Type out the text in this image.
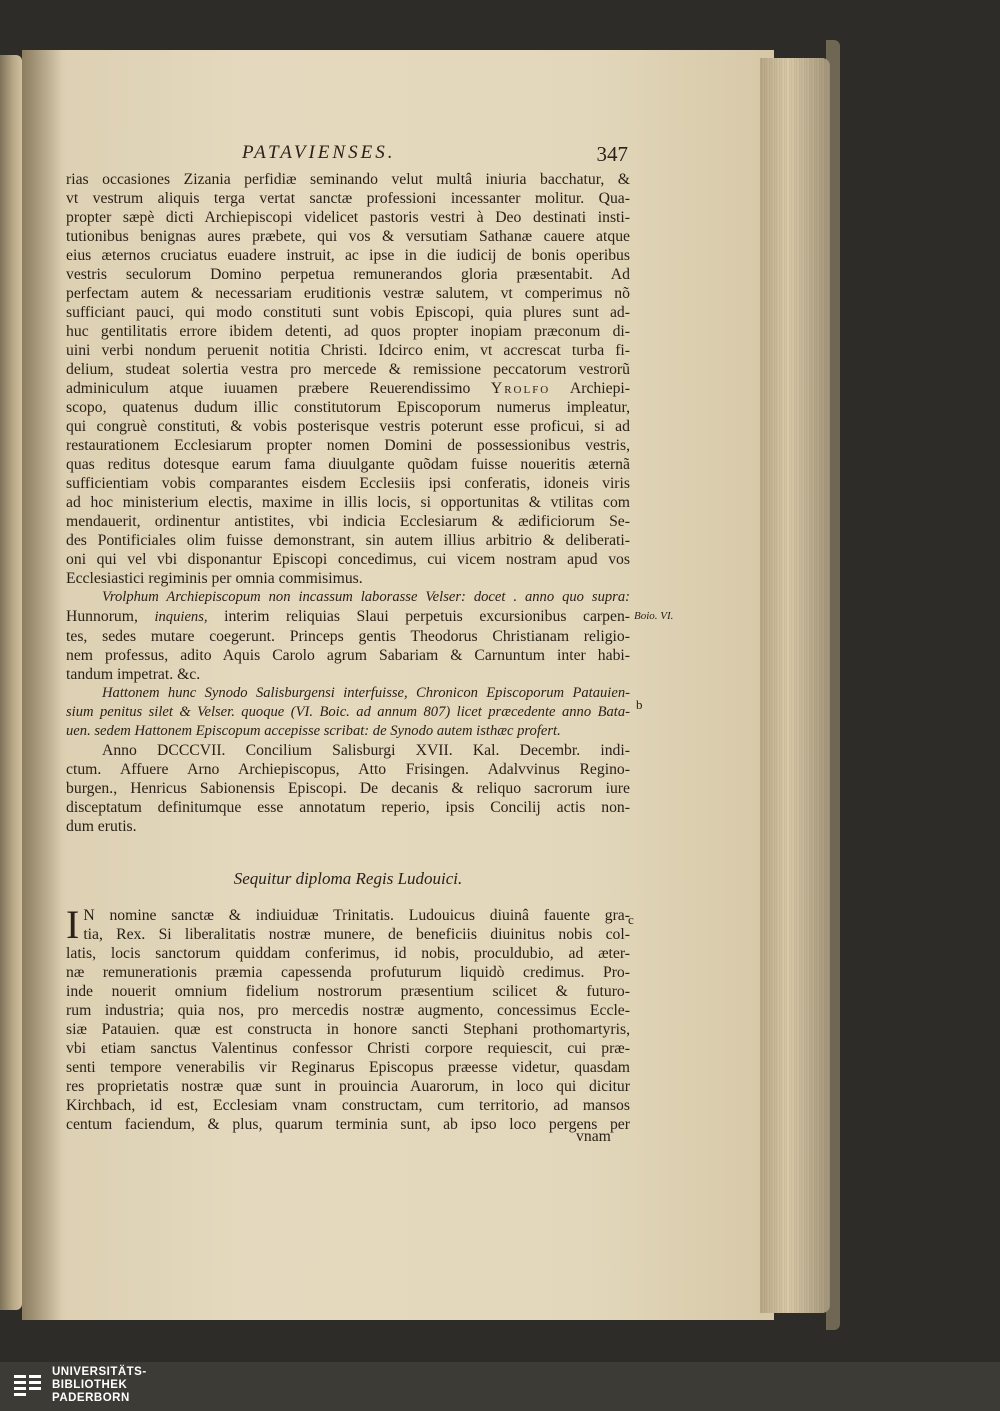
PATAVIENSES.	347

rias occasiones Zizania perfidiæ seminando velut multâ iniuria bacchatur, &

vt vestrum aliquis terga vertat sanctæ professioni incessanter molitur. Qua-

propter sæpè dicti Archiepiscopi videlicet pastoris vestri à Deo destinati insti-

tutionibus benignas aures præbete, qui vos & versutiam Sathanæ cauere atque

eius æternos cruciatus euadere instruit, ac ipse in die iudicij de bonis operibus

vestris seculorum Domino perpetua remunerandos gloria præsentabit. Ad

perfectam autem & necessariam eruditionis vestræ salutem, vt comperimus nõ

sufficiant pauci, qui modo constituti sunt vobis Episcopi, quia plures sunt ad-

huc gentilitatis errore ibidem detenti, ad quos propter inopiam præconum di-

uini verbi nondum peruenit notitia Christi. Idcirco enim, vt accrescat turba fi-

delium, studeat solertia vestra pro mercede & remissione peccatorum vestrorũ

adminiculum atque iuuamen præbere Reuerendissimo Yrolfo Archiepi-

scopo, quatenus dudum illic constitutorum Episcoporum numerus impleatur,

qui congruè constituti, & vobis posterisque vestris poterunt esse proficui, si ad

restaurationem Ecclesiarum propter nomen Domini de possessionibus vestris,

quas reditus dotesque earum fama diuulgante quõdam fuisse noueritis æternã

sufficientiam vobis comparantes eisdem Ecclesiis ipsi conferatis, idoneis viris

ad hoc ministerium electis, maxime in illis locis, si opportunitas & vtilitas com

mendauerit, ordinentur antistites, vbi indicia Ecclesiarum & ædificiorum Se-

des Pontificiales olim fuisse demonstrant, sin autem illius arbitrio & deliberati-

oni qui vel vbi disponantur Episcopi concedimus, cui vicem nostram apud vos

Ecclesiastici regiminis per omnia commisimus.

Vrolphum Archiepiscopum non incassum laborasse Velser: docet . anno quo supra:

Hunnorum, inquiens, interim reliquias Slaui perpetuis excursionibus carpen-

tes, sedes mutare coegerunt. Princeps gentis Theodorus Christianam religio-

nem professus, adito Aquis Carolo agrum Sabariam & Carnuntum inter habi-

tandum impetrat. &c.

Hattonem hunc Synodo Salisburgensi interfuisse, Chronicon Episcoporum Patauien-

sium penitus silet & Velser. quoque (VI. Boic. ad annum 807) licet præcedente anno Bata-

uen. sedem Hattonem Episcopum accepisse scribat: de Synodo autem isthæc profert.

Anno DCCCVII. Concilium Salisburgi XVII. Kal. Decembr. indi-

ctum. Affuere Arno Archiepiscopus, Atto Frisingen. Adalvvinus Regino-

burgen., Henricus Sabionensis Episcopi. De decanis & reliquo sacrorum iure

disceptatum definitumque esse annotatum reperio, ipsis Concilij actis non-

dum erutis.

Sequitur diploma Regis Ludouici.

I N nomine sanctæ & indiuiduæ Trinitatis. Ludouicus diuinâ fauente gra-

tia, Rex. Si liberalitatis nostræ munere, de beneficiis diuinitus nobis col-

latis, locis sanctorum quiddam conferimus, id nobis, proculdubio, ad æter-

næ remunerationis præmia capessenda profuturum liquidò credimus. Pro-

inde nouerit omnium fidelium nostrorum præsentium scilicet & futuro-

rum industria; quia nos, pro mercedis nostræ augmento, concessimus Eccle-

siæ Patauien. quæ est constructa in honore sancti Stephani prothomartyris,

vbi etiam sanctus Valentinus confessor Christi corpore requiescit, cui præ-

senti tempore venerabilis vir Reginarus Episcopus præesse videtur, quasdam

res proprietatis nostræ quæ sunt in prouincia Auarorum, in loco qui dicitur

Kirchbach, id est, Ecclesiam vnam constructam, cum territorio, ad mansos

centum faciendum, & plus, quarum terminia sunt, ab ipso loco pergens per

Boio. VI.
b
c
vnam
UNIVERSITÄTS-
BIBLIOTHEK
PADERBORN
